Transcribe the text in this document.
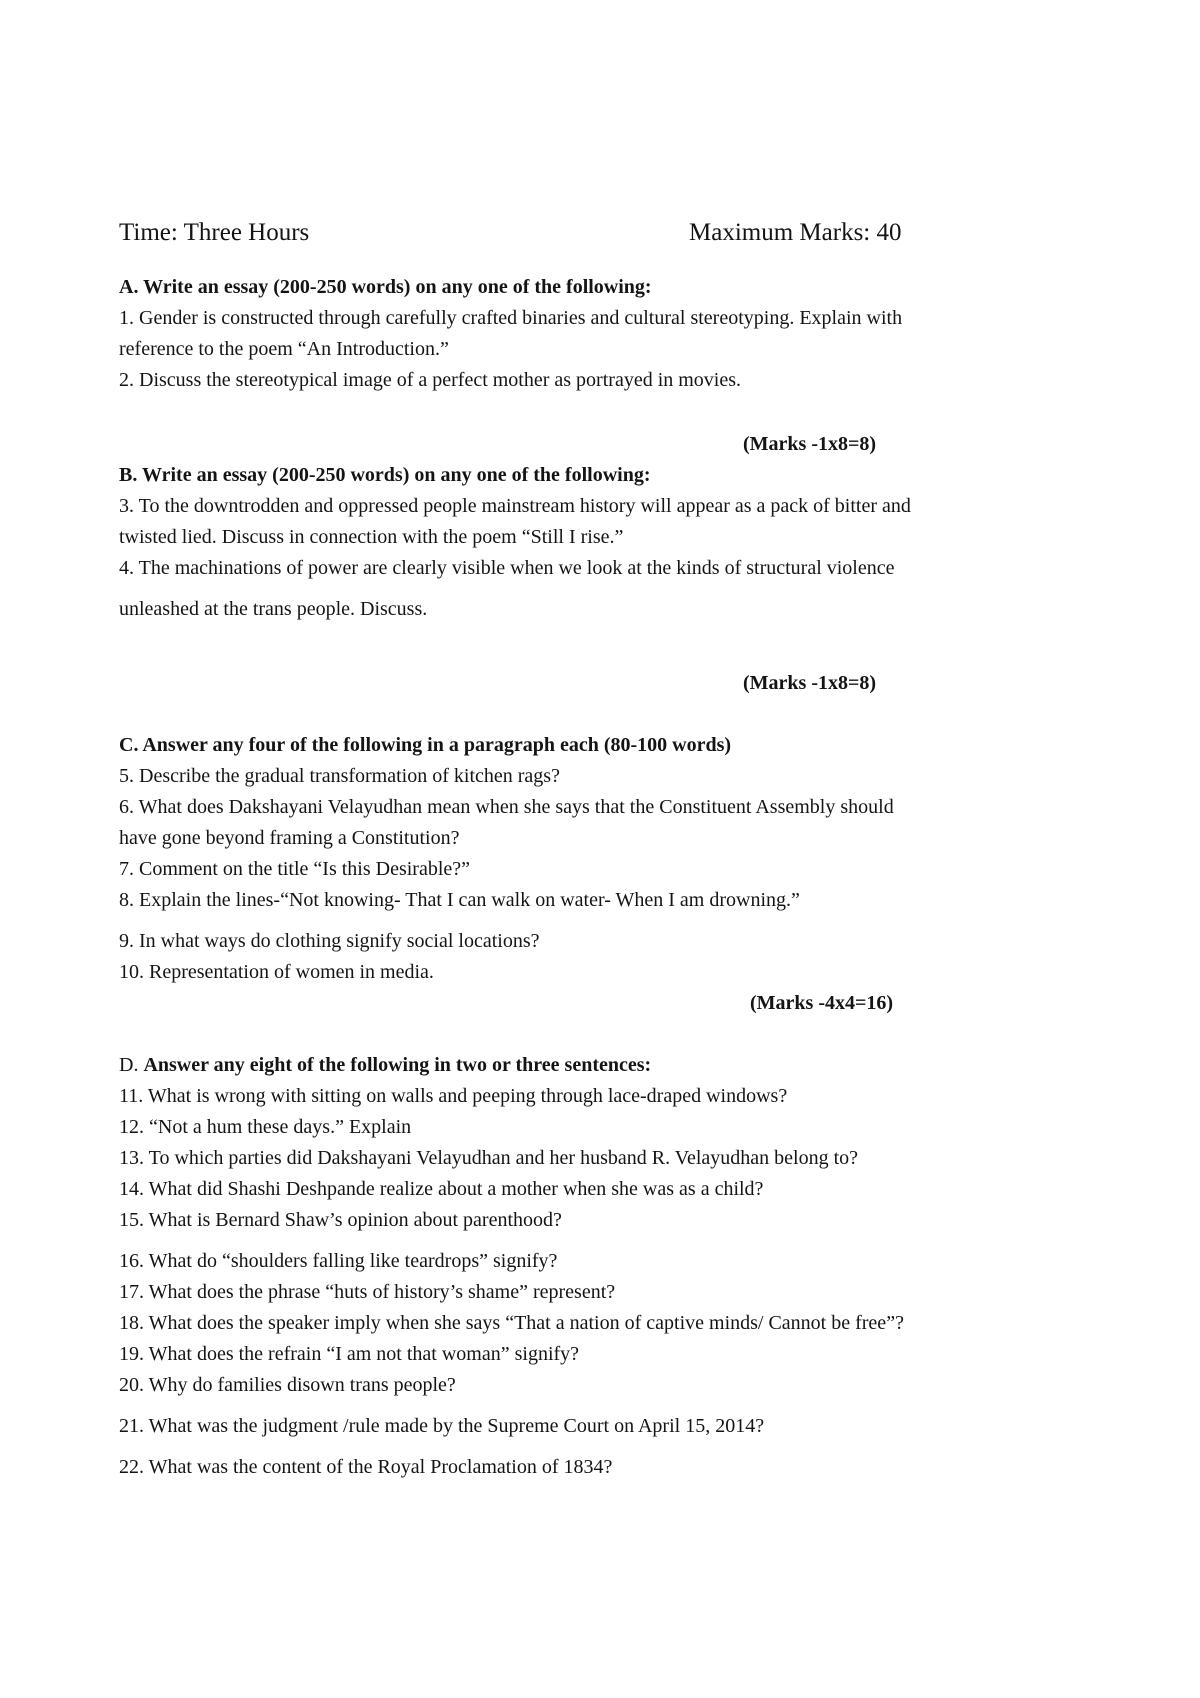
Time: Three Hours	Maximum Marks: 40
A. Write an essay (200-250 words) on any one of the following:
1. Gender is constructed through carefully crafted binaries and cultural stereotyping. Explain with
reference to the poem “An Introduction.”
2. Discuss the stereotypical image of a perfect mother as portrayed in movies.
(Marks -1x8=8)
B. Write an essay (200-250 words) on any one of the following:
3. To the downtrodden and oppressed people mainstream history will appear as a pack of bitter and
twisted lied. Discuss in connection with the poem “Still I rise.”
4. The machinations of power are clearly visible when we look at the kinds of structural violence
unleashed at the trans people. Discuss.
(Marks -1x8=8)
C. Answer any four of the following in a paragraph each (80-100 words)
5. Describe the gradual transformation of kitchen rags?
6. What does Dakshayani Velayudhan mean when she says that the Constituent Assembly should
have gone beyond framing a Constitution?
7. Comment on the title “Is this Desirable?”
8. Explain the lines-“Not knowing- That I can walk on water- When I am drowning.”
9. In what ways do clothing signify social locations?
10. Representation of women in media.
(Marks -4x4=16)
D. Answer any eight of the following in two or three sentences:
11. What is wrong with sitting on walls and peeping through lace-draped windows?
12. “Not a hum these days.” Explain
13. To which parties did Dakshayani Velayudhan and her husband R. Velayudhan belong to?
14. What did Shashi Deshpande realize about a mother when she was as a child?
15. What is Bernard Shaw’s opinion about parenthood?
16. What do “shoulders falling like teardrops” signify?
17. What does the phrase “huts of history’s shame” represent?
18. What does the speaker imply when she says “That a nation of captive minds/ Cannot be free”?
19. What does the refrain “I am not that woman” signify?
20. Why do families disown trans people?
21. What was the judgment /rule made by the Supreme Court on April 15, 2014?
22. What was the content of the Royal Proclamation of 1834?
